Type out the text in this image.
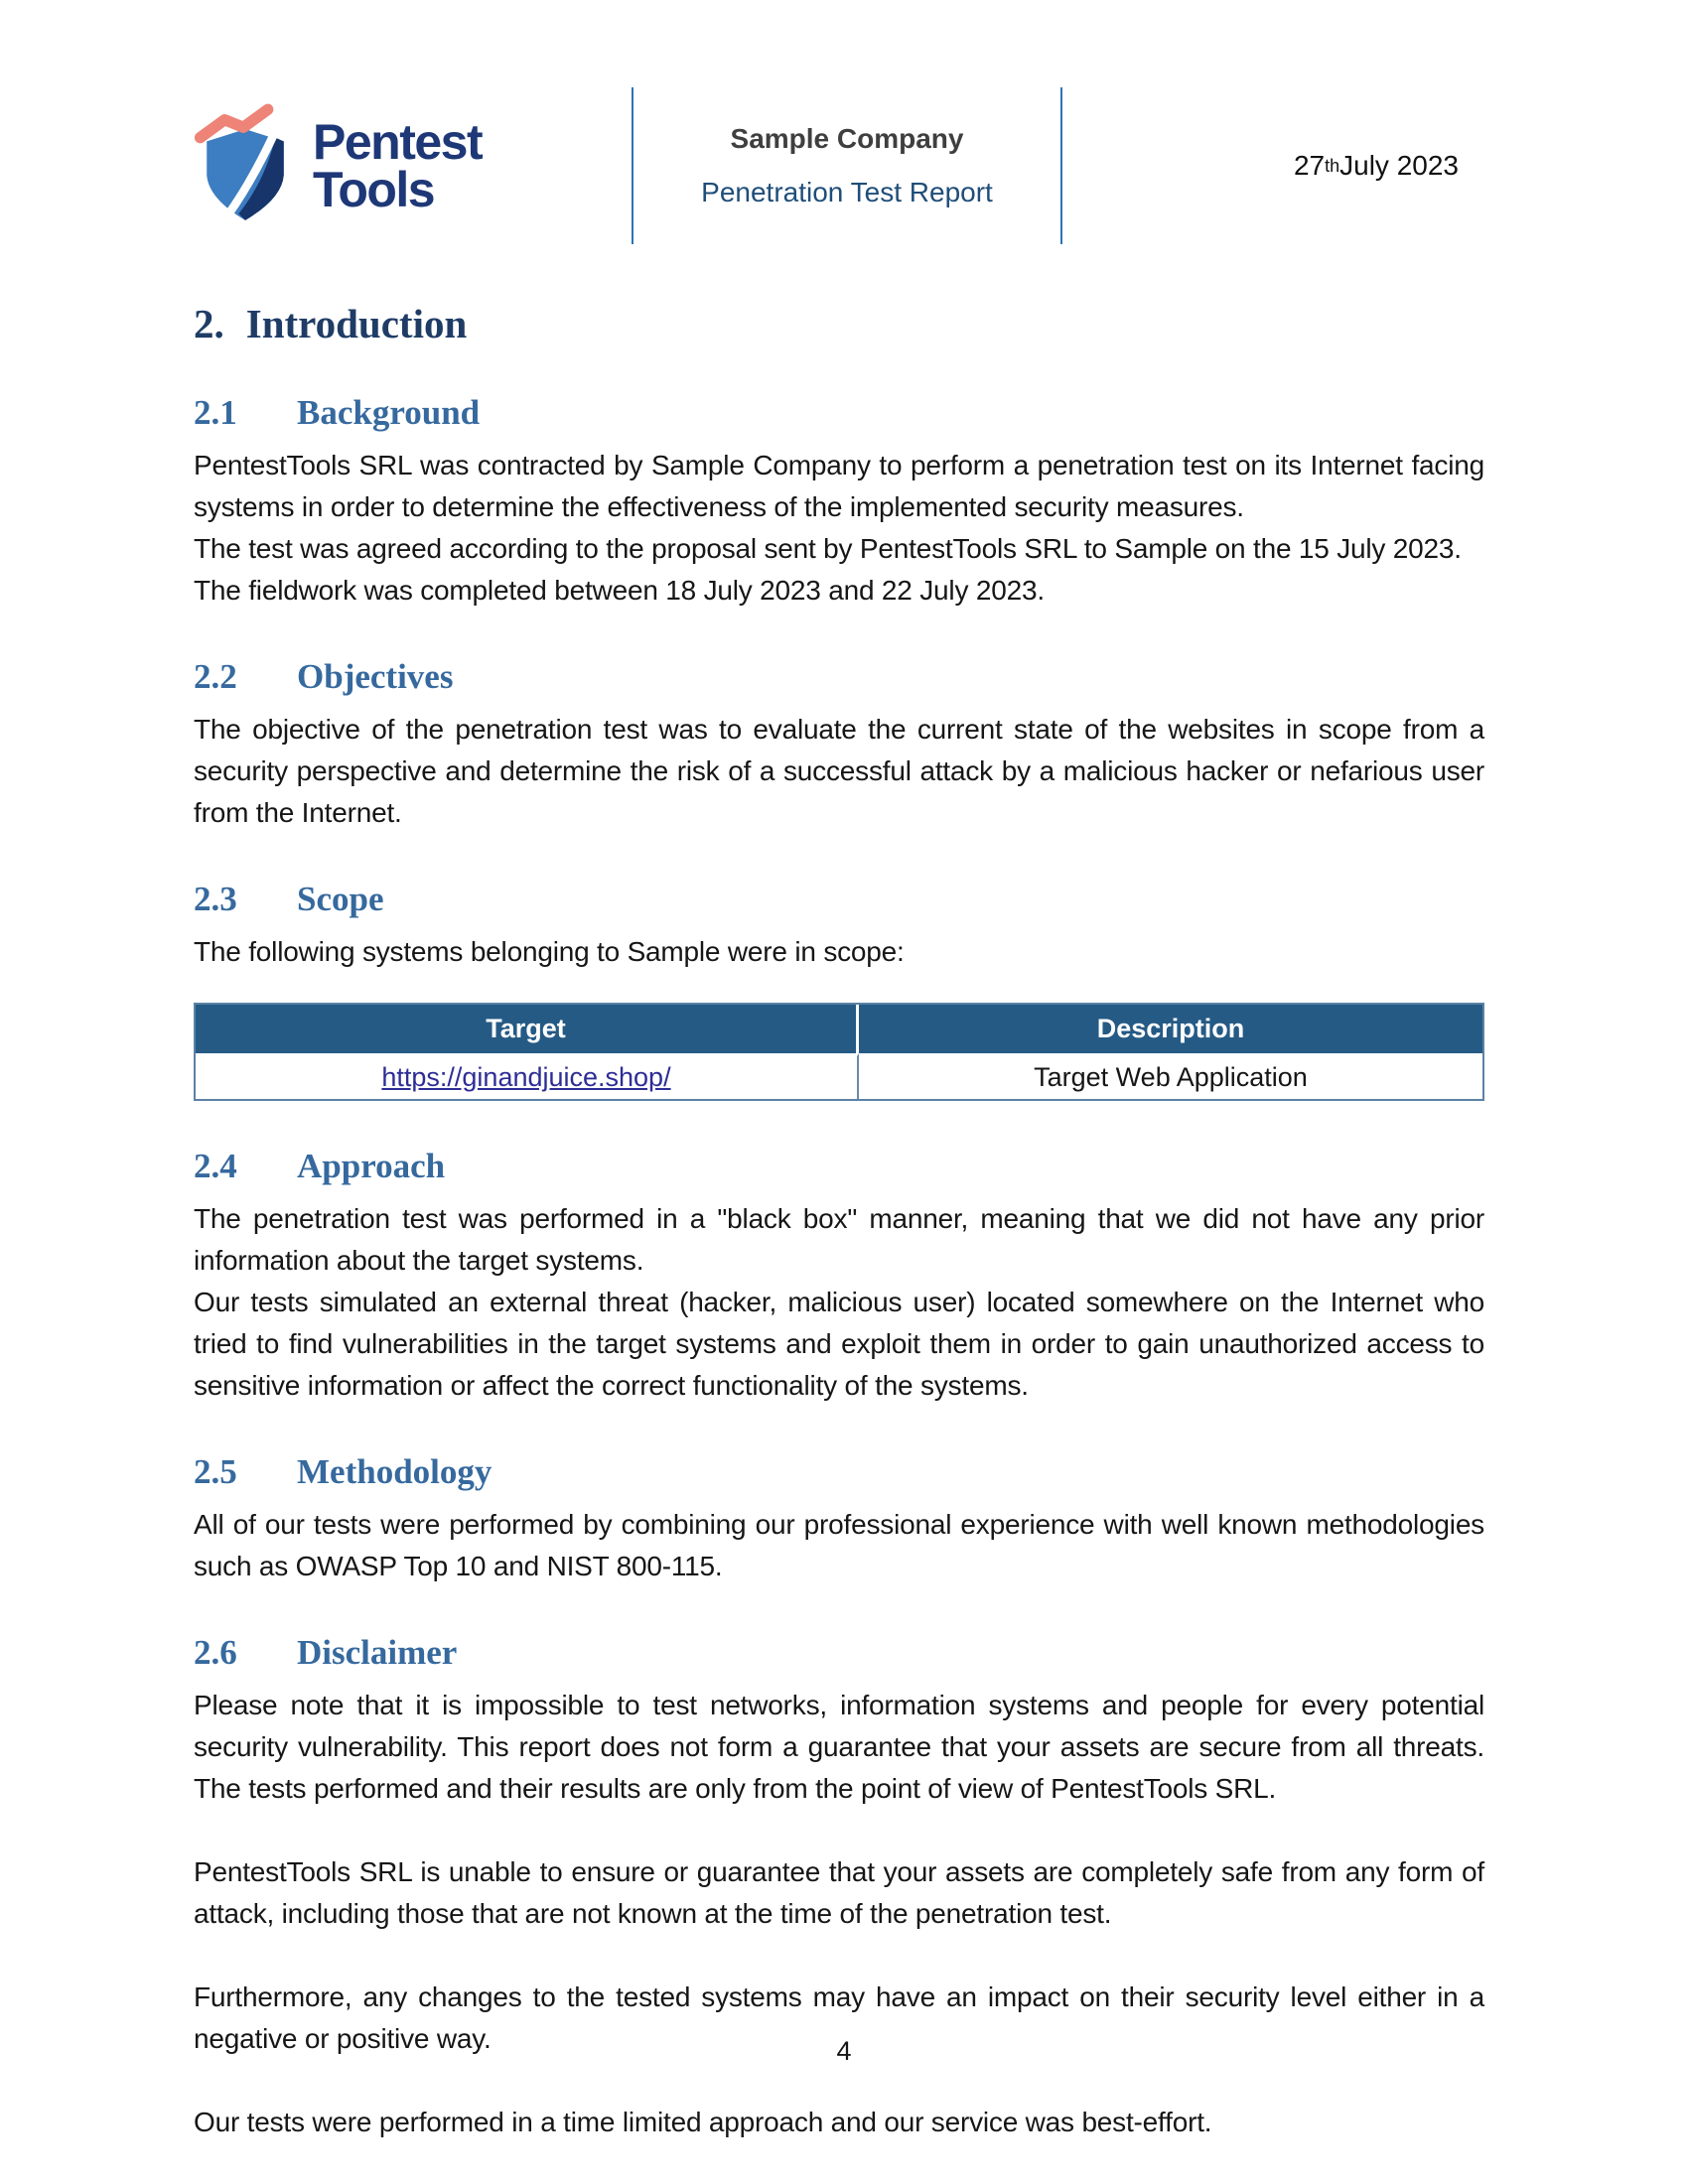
Pentest
Tools
Sample Company
Penetration Test Report
27 th July 2023
2. Introduction
2.1 Background

PentestTools SRL was contracted by Sample Company to perform a penetration test on its Internet facing systems in order to determine the effectiveness of the implemented security measures.

The test was agreed according to the proposal sent by PentestTools SRL to Sample on the 15 July 2023.

The fieldwork was completed between 18 July 2023 and 22 July 2023.

2.2 Objectives

The objective of the penetration test was to evaluate the current state of the websites in scope from a security perspective and determine the risk of a successful attack by a malicious hacker or nefarious user from the Internet.

2.3 Scope

The following systems belonging to Sample were in scope:

Target	Description
https://ginandjuice.shop/	Target Web Application
2.4 Approach

The penetration test was performed in a "black box" manner, meaning that we did not have any prior information about the target systems.

Our tests simulated an external threat (hacker, malicious user) located somewhere on the Internet who tried to find vulnerabilities in the target systems and exploit them in order to gain unauthorized access to sensitive information or affect the correct functionality of the systems.

2.5 Methodology

All of our tests were performed by combining our professional experience with well known methodologies such as OWASP Top 10 and NIST 800-115.

2.6 Disclaimer

Please note that it is impossible to test networks, information systems and people for every potential security vulnerability. This report does not form a guarantee that your assets are secure from all threats. The tests performed and their results are only from the point of view of PentestTools SRL.

PentestTools SRL is unable to ensure or guarantee that your assets are completely safe from any form of attack, including those that are not known at the time of the penetration test.

Furthermore, any changes to the tested systems may have an impact on their security level either in a negative or positive way.

Our tests were performed in a time limited approach and our service was best-effort.

4
